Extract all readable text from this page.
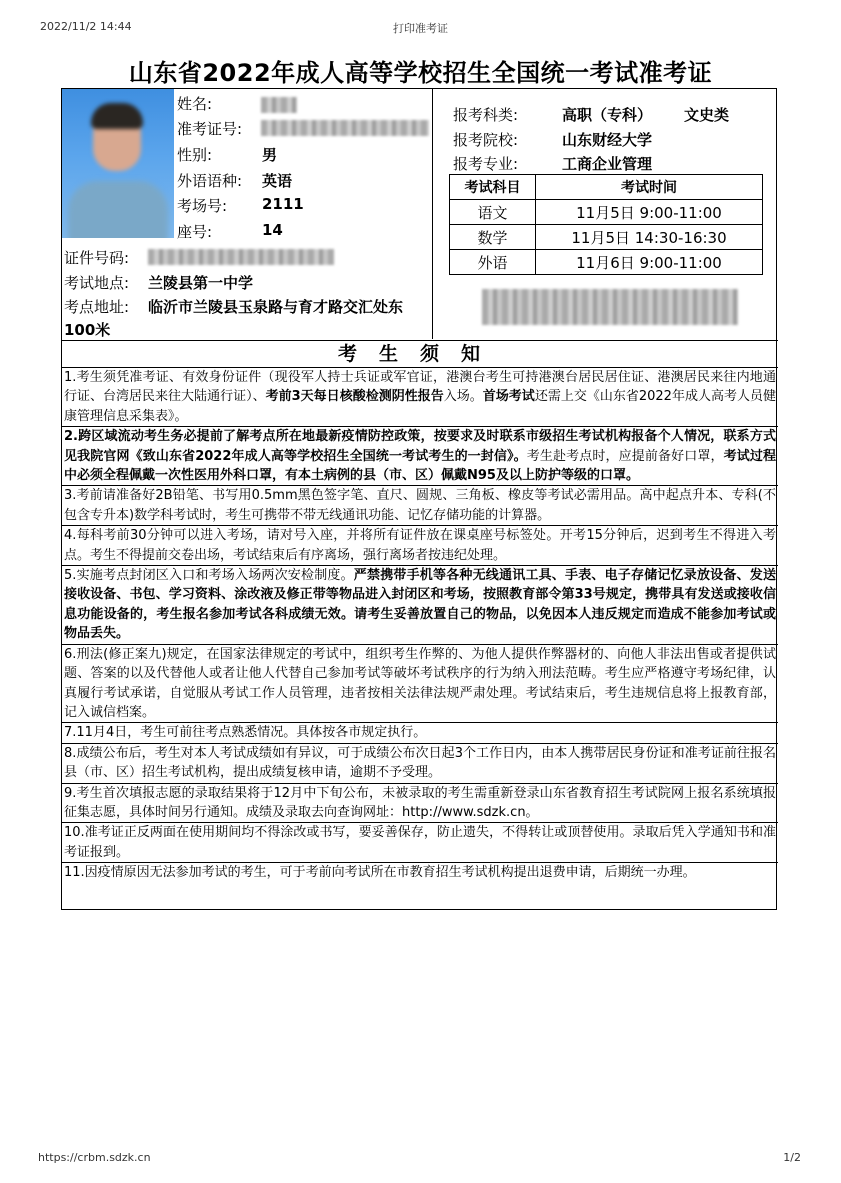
2022/11/2 14:44	打印准考证
山东省2022年成人高等学校招生全国统一考试准考证
姓名:
准考证号:
性别:	男
外语语种: 英语
考场号: 2111
座号:	14
证件号码:
考试地点: 兰陵县第一中学
考点地址:	临沂市兰陵县玉泉路与育才路交汇处东100米
报考科类:	高职（专科） 文史类
报考院校:	山东财经大学
报考专业:	工商企业管理
考试科目	考试时间
语文	11月5日 9:00-11:00
数学	11月5日 14:30-16:30
外语	11月6日 9:00-11:00
考生须知
1.考生须凭准考证、有效身份证件（现役军人持士兵证或军官证，港澳台考生可持港澳台居民居住证、港澳居民来往内地通行证、台湾居民来往大陆通行证）、考前3天每日核酸检测阴性报告入场。首场考试还需上交《山东省2022年成人高考人员健康管理信息采集表》。
2.跨区域流动考生务必提前了解考点所在地最新疫情防控政策，按要求及时联系市级招生考试机构报备个人情况，联系方式见我院官网《致山东省2022年成人高等学校招生全国统一考试考生的一封信》。考生赴考点时，应提前备好口罩，考试过程中必须全程佩戴一次性医用外科口罩，有本土病例的县（市、区）佩戴N95及以上防护等级的口罩。
3.考前请准备好2B铅笔、书写用0.5mm黑色签字笔、直尺、圆规、三角板、橡皮等考试必需用品。高中起点升本、专科(不包含专升本)数学科考试时，考生可携带不带无线通讯功能、记忆存储功能的计算器。
4.每科考前30分钟可以进入考场，请对号入座，并将所有证件放在课桌座号标签处。开考15分钟后，迟到考生不得进入考点。考生不得提前交卷出场，考试结束后有序离场，强行离场者按违纪处理。
5.实施考点封闭区入口和考场入场两次安检制度。严禁携带手机等各种无线通讯工具、手表、电子存储记忆录放设备、发送接收设备、书包、学习资料、涂改液及修正带等物品进入封闭区和考场，按照教育部令第33号规定，携带具有发送或接收信息功能设备的，考生报名参加考试各科成绩无效。请考生妥善放置自己的物品，以免因本人违反规定而造成不能参加考试或物品丢失。
6.刑法(修正案九)规定，在国家法律规定的考试中，组织考生作弊的、为他人提供作弊器材的、向他人非法出售或者提供试题、答案的以及代替他人或者让他人代替自己参加考试等破坏考试秩序的行为纳入刑法范畴。考生应严格遵守考场纪律，认真履行考试承诺，自觉服从考试工作人员管理，违者按相关法律法规严肃处理。考试结束后，考生违规信息将上报教育部，记入诚信档案。
7.11月4日，考生可前往考点熟悉情况。具体按各市规定执行。
8.成绩公布后，考生对本人考试成绩如有异议，可于成绩公布次日起3个工作日内，由本人携带居民身份证和准考证前往报名县（市、区）招生考试机构，提出成绩复核申请，逾期不予受理。
9.考生首次填报志愿的录取结果将于12月中下旬公布，未被录取的考生需重新登录山东省教育招生考试院网上报名系统填报征集志愿，具体时间另行通知。成绩及录取去向查询网址：http://www.sdzk.cn。
10.准考证正反两面在使用期间均不得涂改或书写，要妥善保存，防止遗失，不得转让或顶替使用。录取后凭入学通知书和准考证报到。
11.因疫情原因无法参加考试的考生，可于考前向考试所在市教育招生考试机构提出退费申请，后期统一办理。
https://crbm.sdzk.cn	1/2
